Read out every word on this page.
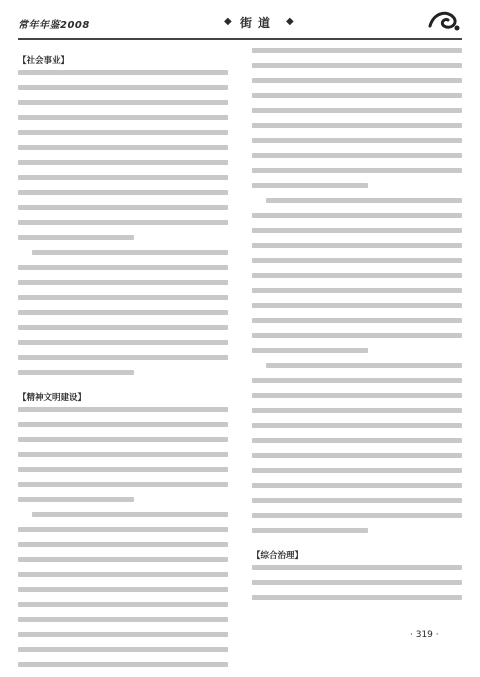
常年年鉴2008	◆ 街道 ◆
【社会事业】
【精神文明建设】
【综合治理】
· 319 ·
